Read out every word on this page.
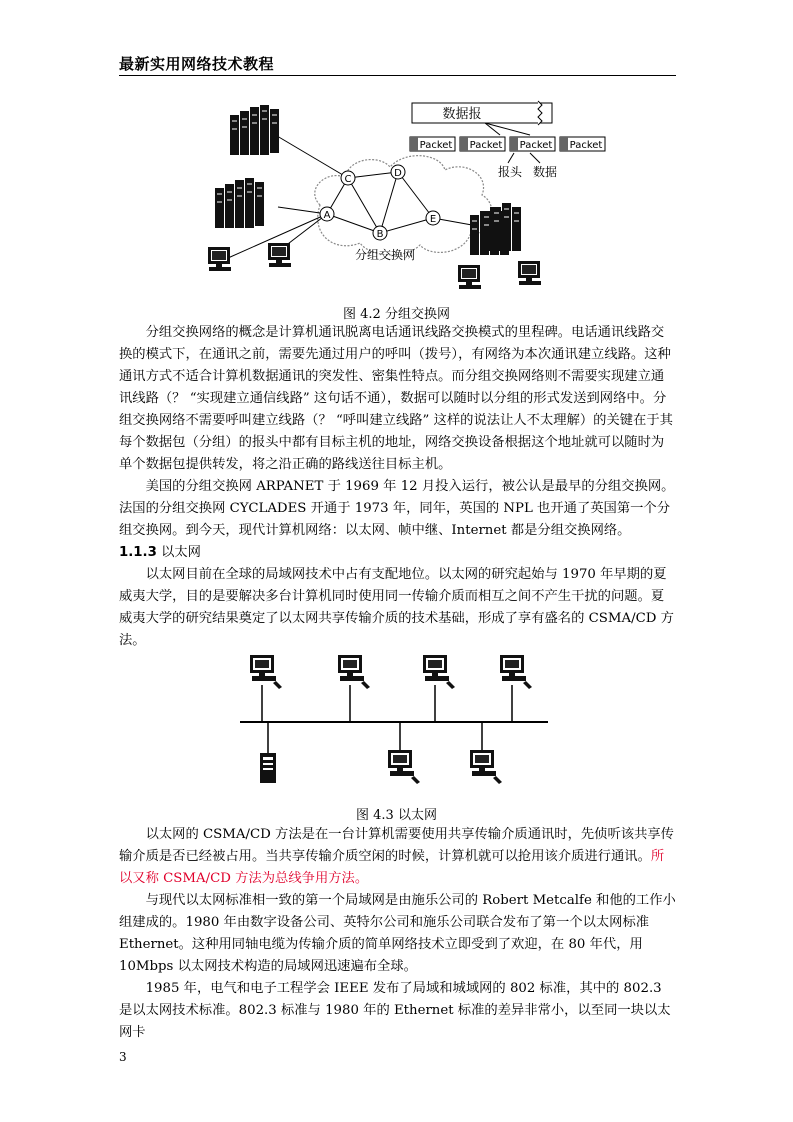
最新实用网络技术教程
C
D
A
B
E
分组交换网
数据报
Packet Packet Packet Packet
报头 数据
图 4.2 分组交换网

分组交换网络的概念是计算机通讯脱离电话通讯线路交换模式的里程碑。电话通讯线路交换的模式下，在通讯之前，需要先通过用户的呼叫（拨号），有网络为本次通讯建立线路。这种通讯方式不适合计算机数据通讯的突发性、密集性特点。而分组交换网络则不需要实现建立通讯线路（？ “实现建立通信线路” 这句话不通），数据可以随时以分组的形式发送到网络中。分组交换网络不需要呼叫建立线路（？ “呼叫建立线路” 这样的说法让人不太理解）的关键在于其每个数据包（分组）的报头中都有目标主机的地址，网络交换设备根据这个地址就可以随时为单个数据包提供转发，将之沿正确的路线送往目标主机。

美国的分组交换网 ARPANET 于 1969 年 12 月投入运行，被公认是最早的分组交换网。法国的分组交换网 CYCLADES 开通于 1973 年，同年，英国的 NPL 也开通了英国第一个分组交换网。到今天，现代计算机网络：以太网、帧中继、Internet 都是分组交换网络。

1.1.3 以太网

以太网目前在全球的局域网技术中占有支配地位。以太网的研究起始与 1970 年早期的夏威夷大学，目的是要解决多台计算机同时使用同一传输介质而相互之间不产生干扰的问题。夏威夷大学的研究结果奠定了以太网共享传输介质的技术基础，形成了享有盛名的 CSMA/CD 方法。

图 4.3 以太网

以太网的 CSMA/CD 方法是在一台计算机需要使用共享传输介质通讯时，先侦听该共享传输介质是否已经被占用。当共享传输介质空闲的时候，计算机就可以抢用该介质进行通讯。所以又称 CSMA/CD 方法为总线争用方法。

与现代以太网标准相一致的第一个局域网是由施乐公司的 Robert Metcalfe 和他的工作小组建成的。1980 年由数字设备公司、英特尔公司和施乐公司联合发布了第一个以太网标准 Ethernet。这种用同轴电缆为传输介质的简单网络技术立即受到了欢迎，在 80 年代，用 10Mbps 以太网技术构造的局域网迅速遍布全球。

1985 年，电气和电子工程学会 IEEE 发布了局域和城域网的 802 标准，其中的 802.3 是以太网技术标准。802.3 标准与 1980 年的 Ethernet 标准的差异非常小，以至同一块以太网卡

3
